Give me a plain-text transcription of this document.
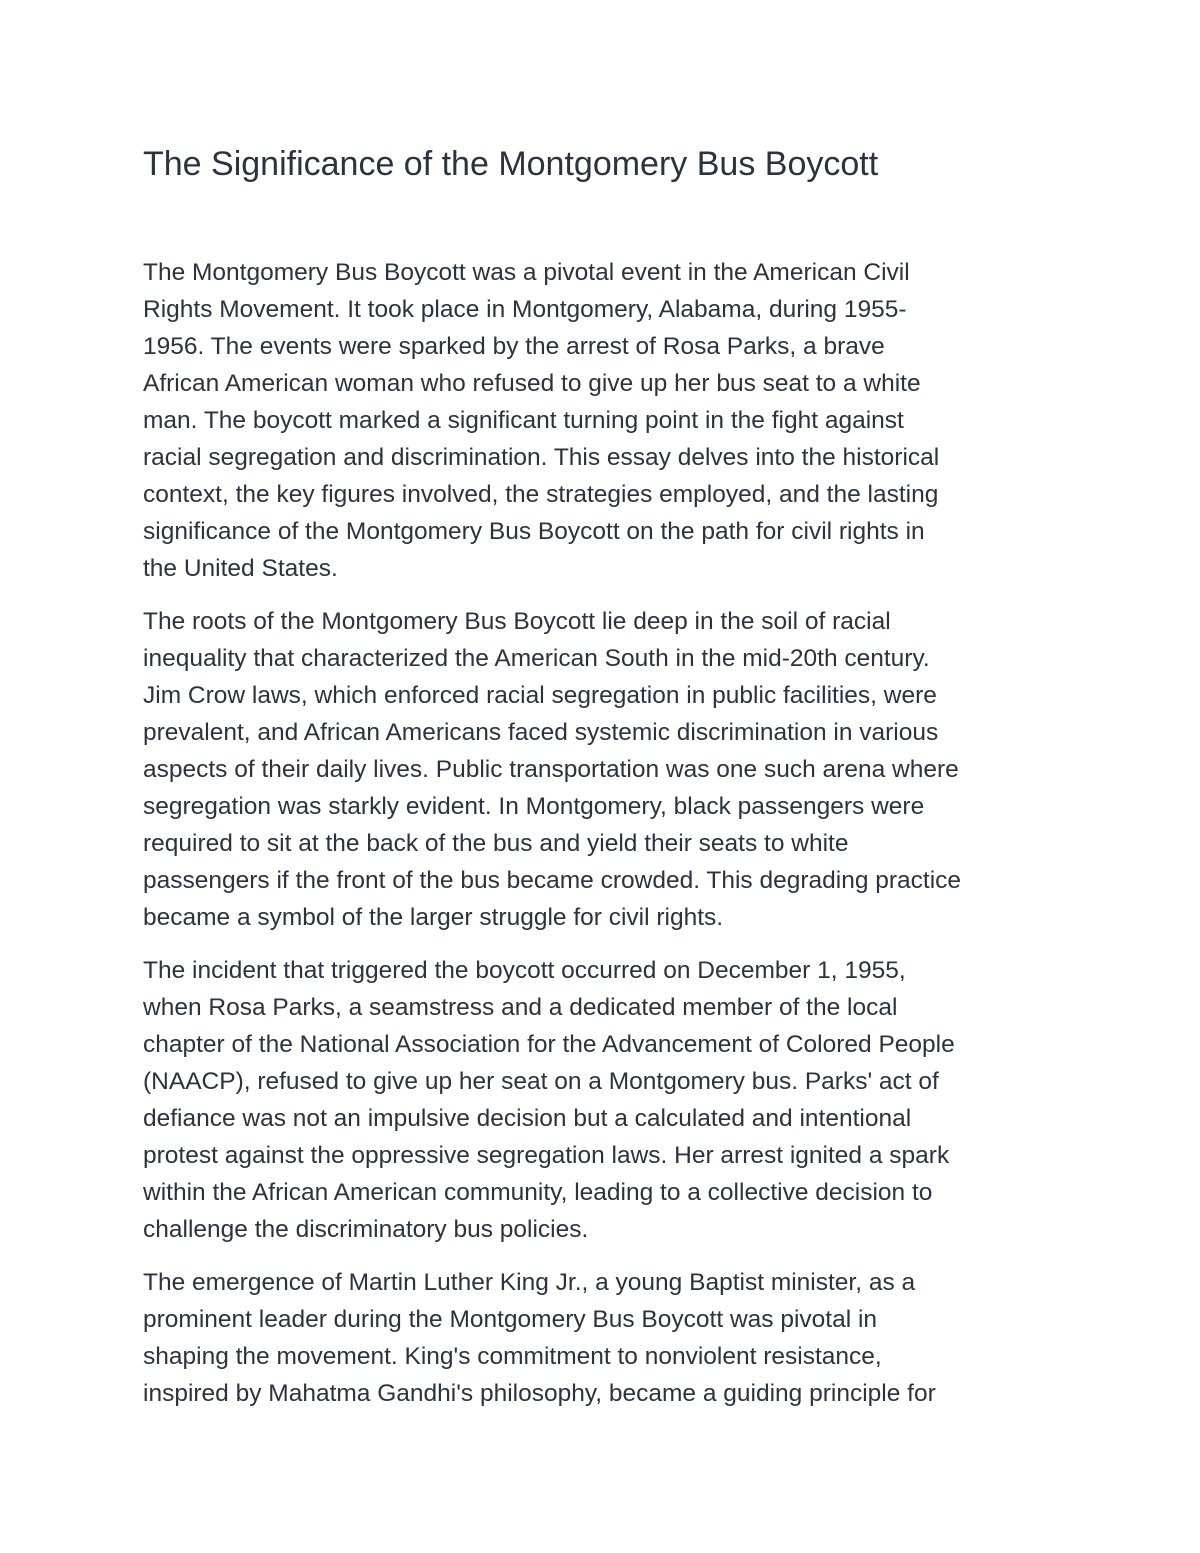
The Significance of the Montgomery Bus Boycott

The Montgomery Bus Boycott was a pivotal event in the American Civil
Rights Movement. It took place in Montgomery, Alabama, during 1955-
1956. The events were sparked by the arrest of Rosa Parks, a brave
African American woman who refused to give up her bus seat to a white
man. The boycott marked a significant turning point in the fight against
racial segregation and discrimination. This essay delves into the historical
context, the key figures involved, the strategies employed, and the lasting
significance of the Montgomery Bus Boycott on the path for civil rights in
the United States.

The roots of the Montgomery Bus Boycott lie deep in the soil of racial
inequality that characterized the American South in the mid-20th century.
Jim Crow laws, which enforced racial segregation in public facilities, were
prevalent, and African Americans faced systemic discrimination in various
aspects of their daily lives. Public transportation was one such arena where
segregation was starkly evident. In Montgomery, black passengers were
required to sit at the back of the bus and yield their seats to white
passengers if the front of the bus became crowded. This degrading practice
became a symbol of the larger struggle for civil rights.

The incident that triggered the boycott occurred on December 1, 1955,
when Rosa Parks, a seamstress and a dedicated member of the local
chapter of the National Association for the Advancement of Colored People
(NAACP), refused to give up her seat on a Montgomery bus. Parks' act of
defiance was not an impulsive decision but a calculated and intentional
protest against the oppressive segregation laws. Her arrest ignited a spark
within the African American community, leading to a collective decision to
challenge the discriminatory bus policies.

The emergence of Martin Luther King Jr., a young Baptist minister, as a
prominent leader during the Montgomery Bus Boycott was pivotal in
shaping the movement. King's commitment to nonviolent resistance,
inspired by Mahatma Gandhi's philosophy, became a guiding principle for
